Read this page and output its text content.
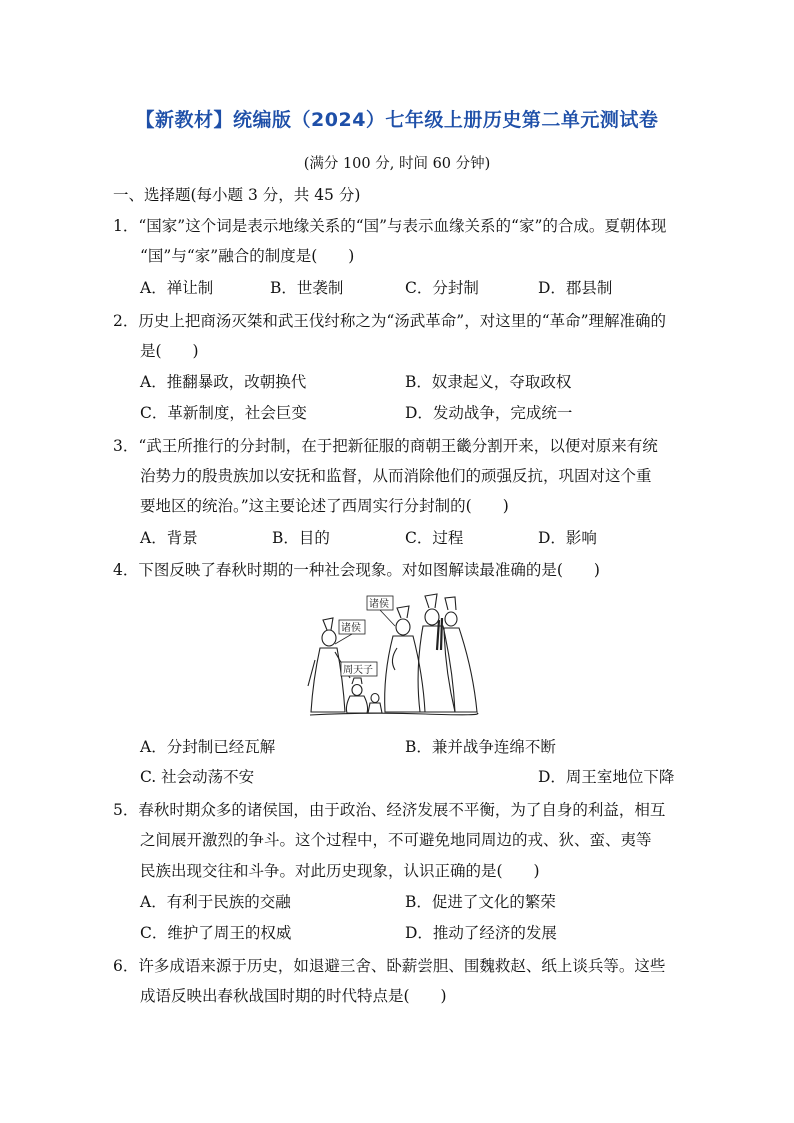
【新教材】统编版（2024）七年级上册历史第二单元测试卷
(满分 100 分, 时间 60 分钟)
一、选择题(每小题 3 分，共 45 分)
1．“国家”这个词是表示地缘关系的“国”与表示血缘关系的“家”的合成。夏朝体现
“国”与“家”融合的制度是(　　)
A．禅让制	B．世袭制	C．分封制	D．郡县制
2．历史上把商汤灭桀和武王伐纣称之为“汤武革命”，对这里的“革命”理解准确的
是(　　)
A．推翻暴政，改朝换代	B．奴隶起义，夺取政权
C．革新制度，社会巨变	D．发动战争，完成统一
3．“武王所推行的分封制，在于把新征服的商朝王畿分割开来，以便对原来有统
治势力的殷贵族加以安抚和监督，从而消除他们的顽强反抗，巩固对这个重
要地区的统治。”这主要论述了西周实行分封制的(　　)
A．背景	B．目的	C．过程	D．影响
4．下图反映了春秋时期的一种社会现象。对如图解读最准确的是(　　)
诸侯
诸侯
周天子
A．分封制已经瓦解	B．兼并战争连绵不断
C. 社会动荡不安	D．周王室地位下降
5．春秋时期众多的诸侯国，由于政治、经济发展不平衡，为了自身的利益，相互
之间展开激烈的争斗。这个过程中，不可避免地同周边的戎、狄、蛮、夷等
民族出现交往和斗争。对此历史现象，认识正确的是(　　)
A．有利于民族的交融	B．促进了文化的繁荣
C．维护了周王的权威	D．推动了经济的发展
6．许多成语来源于历史，如退避三舍、卧薪尝胆、围魏救赵、纸上谈兵等。这些
成语反映出春秋战国时期的时代特点是(　　)
